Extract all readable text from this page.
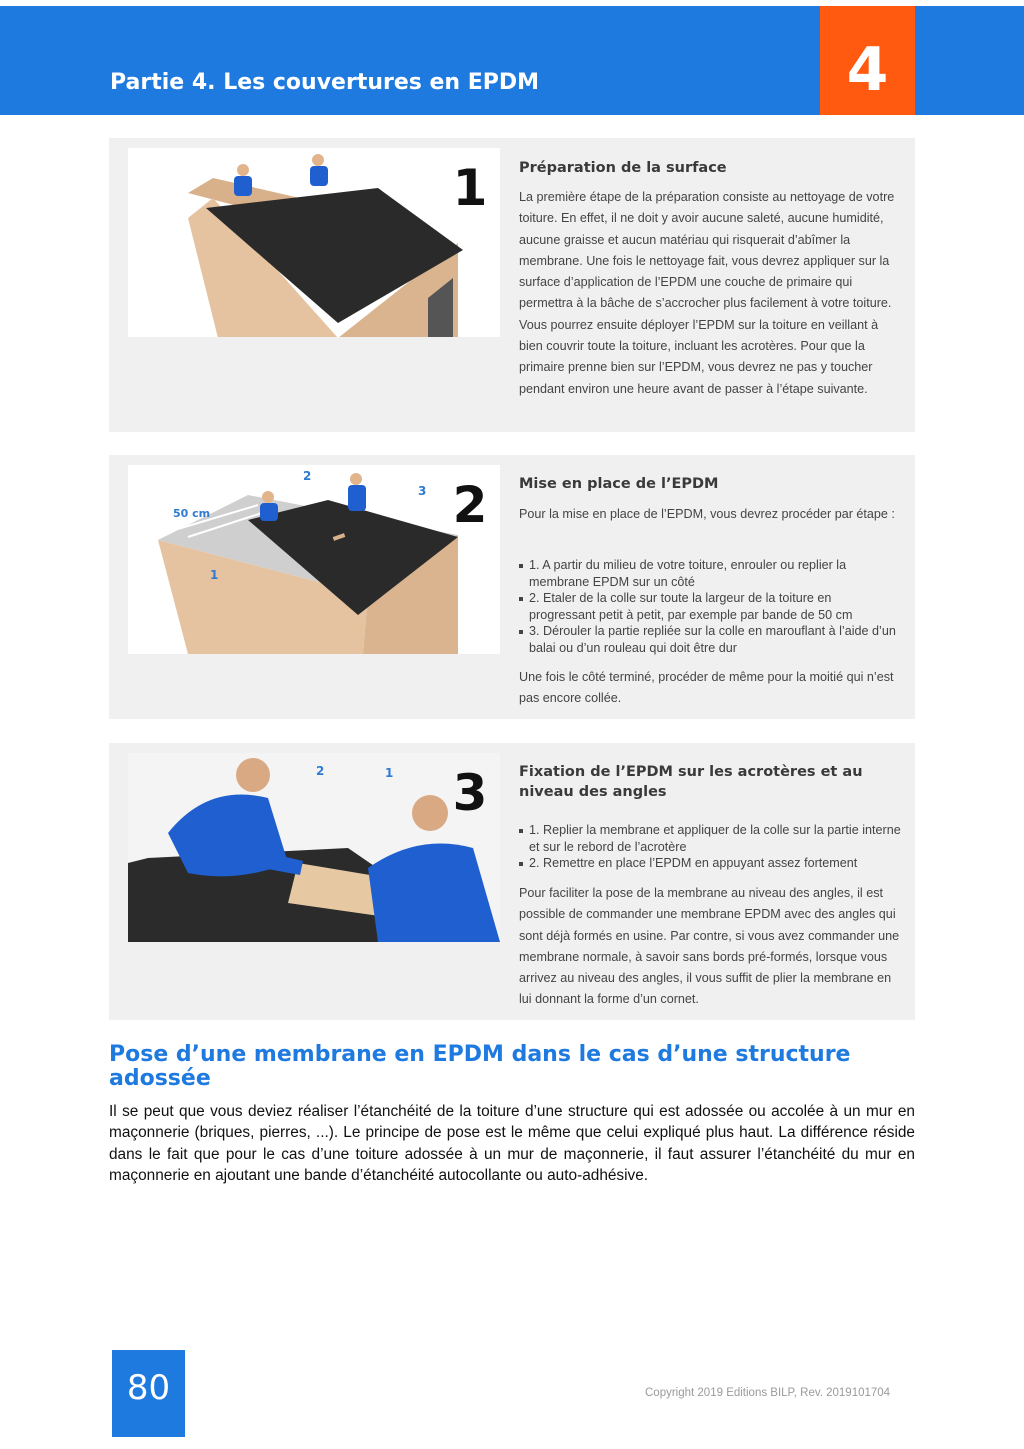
Partie 4. Les couvertures en EPDM	4
1	Préparation de la surface

La première étape de la préparation consiste au nettoyage de votre toiture. En effet, il ne doit y avoir aucune saleté, aucune humidité, aucune graisse et aucun matériau qui risquerait d’abîmer la membrane. Une fois le nettoyage fait, vous devrez appliquer sur la surface d’application de l’EPDM une couche de primaire qui permettra à la bâche de s’accrocher plus facilement à votre toiture. Vous pourrez ensuite déployer l’EPDM sur la toiture en veillant à bien couvrir toute la toiture, incluant les acrotères. Pour que la primaire prenne bien sur l’EPDM, vous devrez ne pas y toucher pendant environ une heure avant de passer à l’étape suivante.

50 cm
1
2
3 2	Mise en place de l’EPDM

Pour la mise en place de l’EPDM, vous devrez procéder par étape :

1. A partir du milieu de votre toiture, enrouler ou replier la membrane EPDM sur un côté
2. Etaler de la colle sur toute la largeur de la toiture en progressant petit à petit, par exemple par bande de 50 cm
3. Dérouler la partie repliée sur la colle en marouflant à l’aide d’un balai ou d’un rouleau qui doit être dur

Une fois le côté terminé, procéder de même pour la moitié qui n’est pas encore collée.

2	1 3	Fixation de l’EPDM sur les acrotères et au niveau des angles
1. Replier la membrane et appliquer de la colle sur la partie interne et sur le rebord de l’acrotère
2. Remettre en place l’EPDM en appuyant assez fortement

Pour faciliter la pose de la membrane au niveau des angles, il est possible de commander une membrane EPDM avec des angles qui sont déjà formés en usine. Par contre, si vous avez commander une membrane normale, à savoir sans bords pré-formés, lorsque vous arrivez au niveau des angles, il vous suffit de plier la membrane en lui donnant la forme d’un cornet.

Pose d’une membrane en EPDM dans le cas d’une structure adossée

Il se peut que vous deviez réaliser l’étanchéité de la toiture d’une structure qui est adossée ou accolée à un mur en maçonnerie (briques, pierres, ...). Le principe de pose est le même que celui expliqué plus haut. La différence réside dans le fait que pour le cas d’une toiture adossée à un mur de maçonnerie, il faut assurer l’étanchéité du mur en maçonnerie en ajoutant une bande d’étanchéité autocollante ou auto-adhésive.

80	Copyright 2019 Editions BILP, Rev. 2019101704
